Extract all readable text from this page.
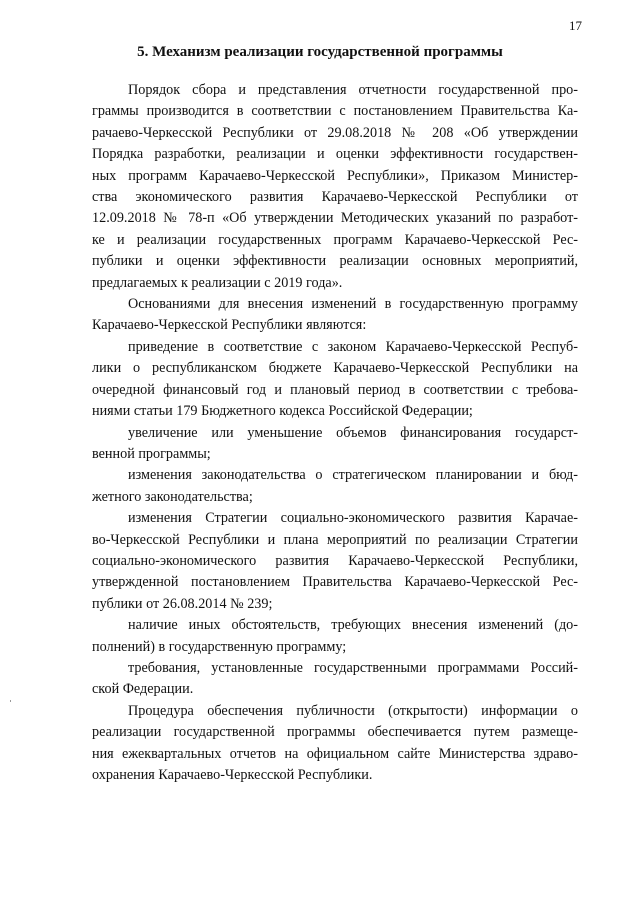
17
5. Механизм реализации государственной программы
Порядок сбора и представления отчетности государственной про-
граммы производится в соответствии с постановлением Правительства Ка-
рачаево-Черкесской Республики от 29.08.2018 № 208 «Об утверждении
Порядка разработки, реализации и оценки эффективности государствен-
ных программ Карачаево-Черкесской Республики», Приказом Министер-
ства экономического развития Карачаево-Черкесской Республики от
12.09.2018 № 78-п «Об утверждении Методических указаний по разработ-
ке и реализации государственных программ Карачаево-Черкесской Рес-
публики и оценки эффективности реализации основных мероприятий,
предлагаемых к реализации с 2019 года».
Основаниями для внесения изменений в государственную программу
Карачаево-Черкесской Республики являются:
приведение в соответствие с законом Карачаево-Черкесской Респуб-
лики о республиканском бюджете Карачаево-Черкесской Республики на
очередной финансовый год и плановый период в соответствии с требова-
ниями статьи 179 Бюджетного кодекса Российской Федерации;
увеличение или уменьшение объемов финансирования государст-
венной программы;
изменения законодательства о стратегическом планировании и бюд-
жетного законодательства;
изменения Стратегии социально-экономического развития Карачае-
во-Черкесской Республики и плана мероприятий по реализации Стратегии
социально-экономического развития Карачаево-Черкесской Республики,
утвержденной постановлением Правительства Карачаево-Черкесской Рес-
публики от 26.08.2014 № 239;
наличие иных обстоятельств, требующих внесения изменений (до-
полнений) в государственную программу;
требования, установленные государственными программами Россий-
ской Федерации.
Процедура обеспечения публичности (открытости) информации о
реализации государственной программы обеспечивается путем размеще-
ния ежеквартальных отчетов на официальном сайте Министерства здраво-
охранения Карачаево-Черкесской Республики.
